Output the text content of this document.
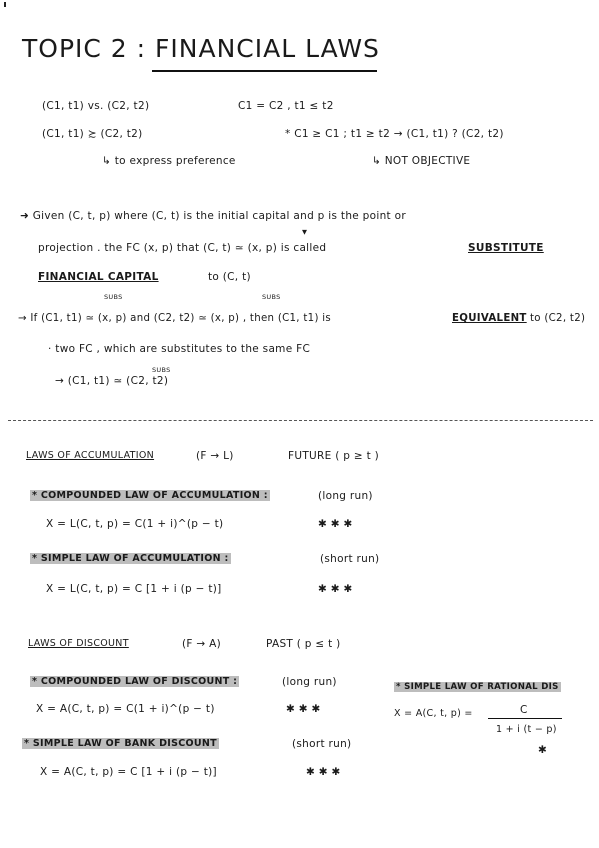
TOPIC 2 : FINANCIAL LAWS
(C1, t1) vs. (C2, t2)	C1 = C2 , t1 ≤ t2
(C1, t1) ≿ (C2, t2)	* C1 ≥ C1 ; t1 ≥ t2 → (C1, t1) ? (C2, t2)
↳ to express preference	↳ NOT OBJECTIVE
➜ Given (C, t, p) where (C, t) is the initial capital and p is the point or
projection . the FC (x, p) that (C, t) ≃ (x, p) is called	SUBSTITUTE
FINANCIAL CAPITAL	to (C, t)
▼
SUBS	SUBS
→ If (C1, t1) ≃ (x, p) and (C2, t2) ≃ (x, p) , then (C1, t1) is	EQUIVALENT to (C2, t2)
· two FC , which are substitutes to the same FC
SUBS
→ (C1, t1) ≃ (C2, t2)
LAWS OF ACCUMULATION	(F → L)	FUTURE ( p ≥ t )
* COMPOUNDED LAW OF ACCUMULATION :	(long run)
X = L(C, t, p) = C(1 + i)^(p − t)	✱ ✱ ✱
* SIMPLE LAW OF ACCUMULATION :	(short run)
X = L(C, t, p) = C [1 + i (p − t)]	✱ ✱ ✱
LAWS OF DISCOUNT	(F → A)	PAST ( p ≤ t )
* COMPOUNDED LAW OF DISCOUNT :	(long run)
X = A(C, t, p) = C(1 + i)^(p − t)	✱ ✱ ✱
* SIMPLE LAW OF RATIONAL DIS
X = A(C, t, p) =	C
1 + i (t − p)
✱
* SIMPLE LAW OF BANK DISCOUNT	(short run)
X = A(C, t, p) = C [1 + i (p − t)]	✱ ✱ ✱
